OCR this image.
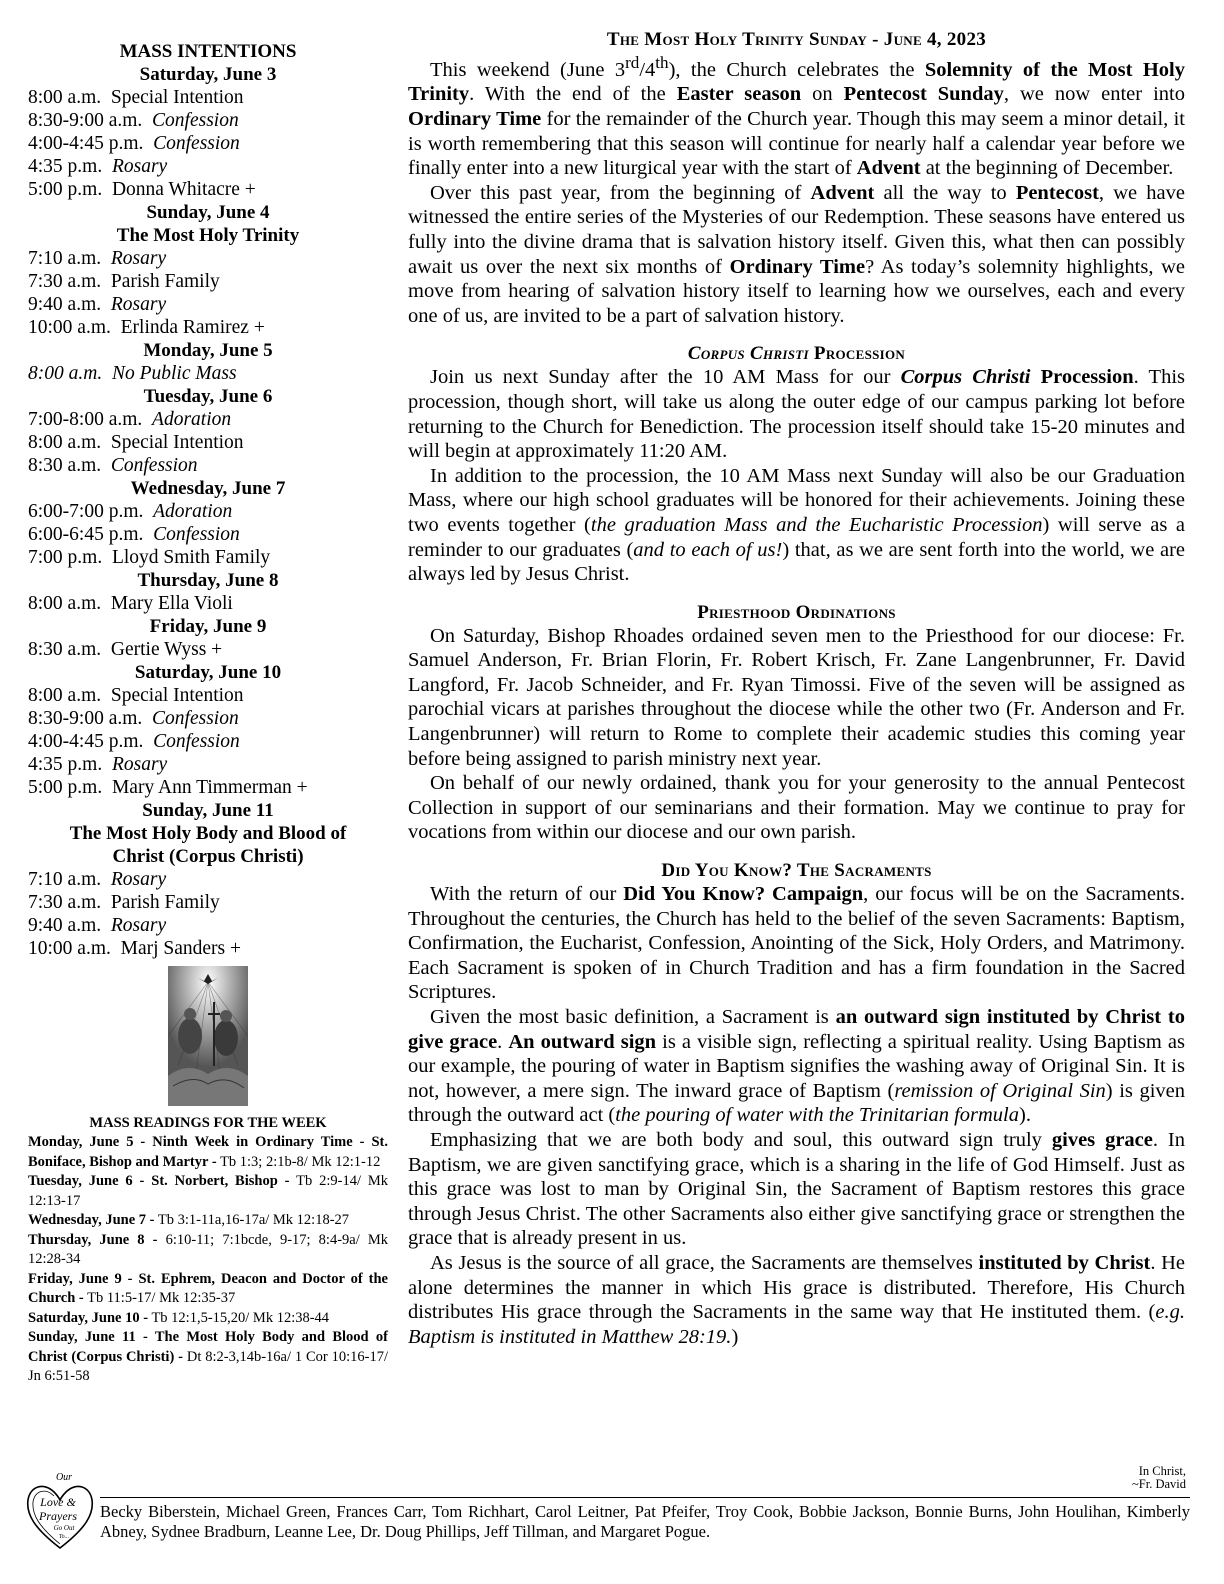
MASS INTENTIONS
Saturday, June 3
8:00 a.m. Special Intention
8:30-9:00 a.m. Confession
4:00-4:45 p.m. Confession
4:35 p.m. Rosary
5:00 p.m. Donna Whitacre +
Sunday, June 4
The Most Holy Trinity
7:10 a.m. Rosary
7:30 a.m. Parish Family
9:40 a.m. Rosary
10:00 a.m. Erlinda Ramirez +
Monday, June 5
8:00 a.m. No Public Mass
Tuesday, June 6
7:00-8:00 a.m. Adoration
8:00 a.m. Special Intention
8:30 a.m. Confession
Wednesday, June 7
6:00-7:00 p.m. Adoration
6:00-6:45 p.m. Confession
7:00 p.m. Lloyd Smith Family
Thursday, June 8
8:00 a.m. Mary Ella Violi
Friday, June 9
8:30 a.m. Gertie Wyss +
Saturday, June 10
8:00 a.m. Special Intention
8:30-9:00 a.m. Confession
4:00-4:45 p.m. Confession
4:35 p.m. Rosary
5:00 p.m. Mary Ann Timmerman +
Sunday, June 11
The Most Holy Body and Blood of
Christ (Corpus Christi)
7:10 a.m. Rosary
7:30 a.m. Parish Family
9:40 a.m. Rosary
10:00 a.m. Marj Sanders +
MASS READINGS FOR THE WEEK
Monday, June 5 - Ninth Week in Ordinary Time - St. Boniface, Bishop and Martyr - Tb 1:3; 2:1b-8/ Mk 12:1-12
Tuesday, June 6 - St. Norbert, Bishop - Tb 2:9-14/ Mk 12:13-17
Wednesday, June 7 - Tb 3:1-11a,16-17a/ Mk 12:18-27
Thursday, June 8 - 6:10-11; 7:1bcde, 9-17; 8:4-9a/ Mk 12:28-34
Friday, June 9 - St. Ephrem, Deacon and Doctor of the Church - Tb 11:5-17/ Mk 12:35-37
Saturday, June 10 - Tb 12:1,5-15,20/ Mk 12:38-44
Sunday, June 11 - The Most Holy Body and Blood of Christ (Corpus Christi) - Dt 8:2-3,14b-16a/ 1 Cor 10:16-17/ Jn 6:51-58
The Most Holy Trinity Sunday - June 4, 2023

This weekend (June 3rd/4th), the Church celebrates the Solemnity of the Most Holy Trinity. With the end of the Easter season on Pentecost Sunday, we now enter into Ordinary Time for the remainder of the Church year. Though this may seem a minor detail, it is worth remembering that this season will continue for nearly half a calendar year before we finally enter into a new liturgical year with the start of Advent at the beginning of December.

Over this past year, from the beginning of Advent all the way to Pentecost, we have witnessed the entire series of the Mysteries of our Redemption. These seasons have entered us fully into the divine drama that is salvation history itself. Given this, what then can possibly await us over the next six months of Ordinary Time? As today’s solemnity highlights, we move from hearing of salvation history itself to learning how we ourselves, each and every one of us, are invited to be a part of salvation history.

Corpus Christi Procession

Join us next Sunday after the 10 AM Mass for our Corpus Christi Procession. This procession, though short, will take us along the outer edge of our campus parking lot before returning to the Church for Benediction. The procession itself should take 15-20 minutes and will begin at approximately 11:20 AM.

In addition to the procession, the 10 AM Mass next Sunday will also be our Graduation Mass, where our high school graduates will be honored for their achievements. Joining these two events together (the graduation Mass and the Eucharistic Procession) will serve as a reminder to our graduates (and to each of us!) that, as we are sent forth into the world, we are always led by Jesus Christ.

Priesthood Ordinations

On Saturday, Bishop Rhoades ordained seven men to the Priesthood for our diocese: Fr. Samuel Anderson, Fr. Brian Florin, Fr. Robert Krisch, Fr. Zane Langenbrunner, Fr. David Langford, Fr. Jacob Schneider, and Fr. Ryan Timossi. Five of the seven will be assigned as parochial vicars at parishes throughout the diocese while the other two (Fr. Anderson and Fr. Langenbrunner) will return to Rome to complete their academic studies this coming year before being assigned to parish ministry next year.

On behalf of our newly ordained, thank you for your generosity to the annual Pentecost Collection in support of our seminarians and their formation. May we continue to pray for vocations from within our diocese and our own parish.

Did You Know? The Sacraments

With the return of our Did You Know? Campaign, our focus will be on the Sacraments. Throughout the centuries, the Church has held to the belief of the seven Sacraments: Baptism, Confirmation, the Eucharist, Confession, Anointing of the Sick, Holy Orders, and Matrimony. Each Sacrament is spoken of in Church Tradition and has a firm foundation in the Sacred Scriptures.

Given the most basic definition, a Sacrament is an outward sign instituted by Christ to give grace. An outward sign is a visible sign, reflecting a spiritual reality. Using Baptism as our example, the pouring of water in Baptism signifies the washing away of Original Sin. It is not, however, a mere sign. The inward grace of Baptism (remission of Original Sin) is given through the outward act (the pouring of water with the Trinitarian formula).

Emphasizing that we are both body and soul, this outward sign truly gives grace. In Baptism, we are given sanctifying grace, which is a sharing in the life of God Himself. Just as this grace was lost to man by Original Sin, the Sacrament of Baptism restores this grace through Jesus Christ. The other Sacraments also either give sanctifying grace or strengthen the grace that is already present in us.

As Jesus is the source of all grace, the Sacraments are themselves instituted by Christ. He alone determines the manner in which His grace is distributed. Therefore, His Church distributes His grace through the Sacraments in the same way that He instituted them. (e.g. Baptism is instituted in Matthew 28:19.)

In Christ,
~Fr. David
Our
Love &
Prayers
Go Out
To...
Becky Biberstein, Michael Green, Frances Carr, Tom Richhart, Carol Leitner, Pat Pfeifer, Troy Cook, Bobbie Jackson, Bonnie Burns, John Houlihan, Kimberly Abney, Sydnee Bradburn, Leanne Lee, Dr. Doug Phillips, Jeff Tillman, and Margaret Pogue.
